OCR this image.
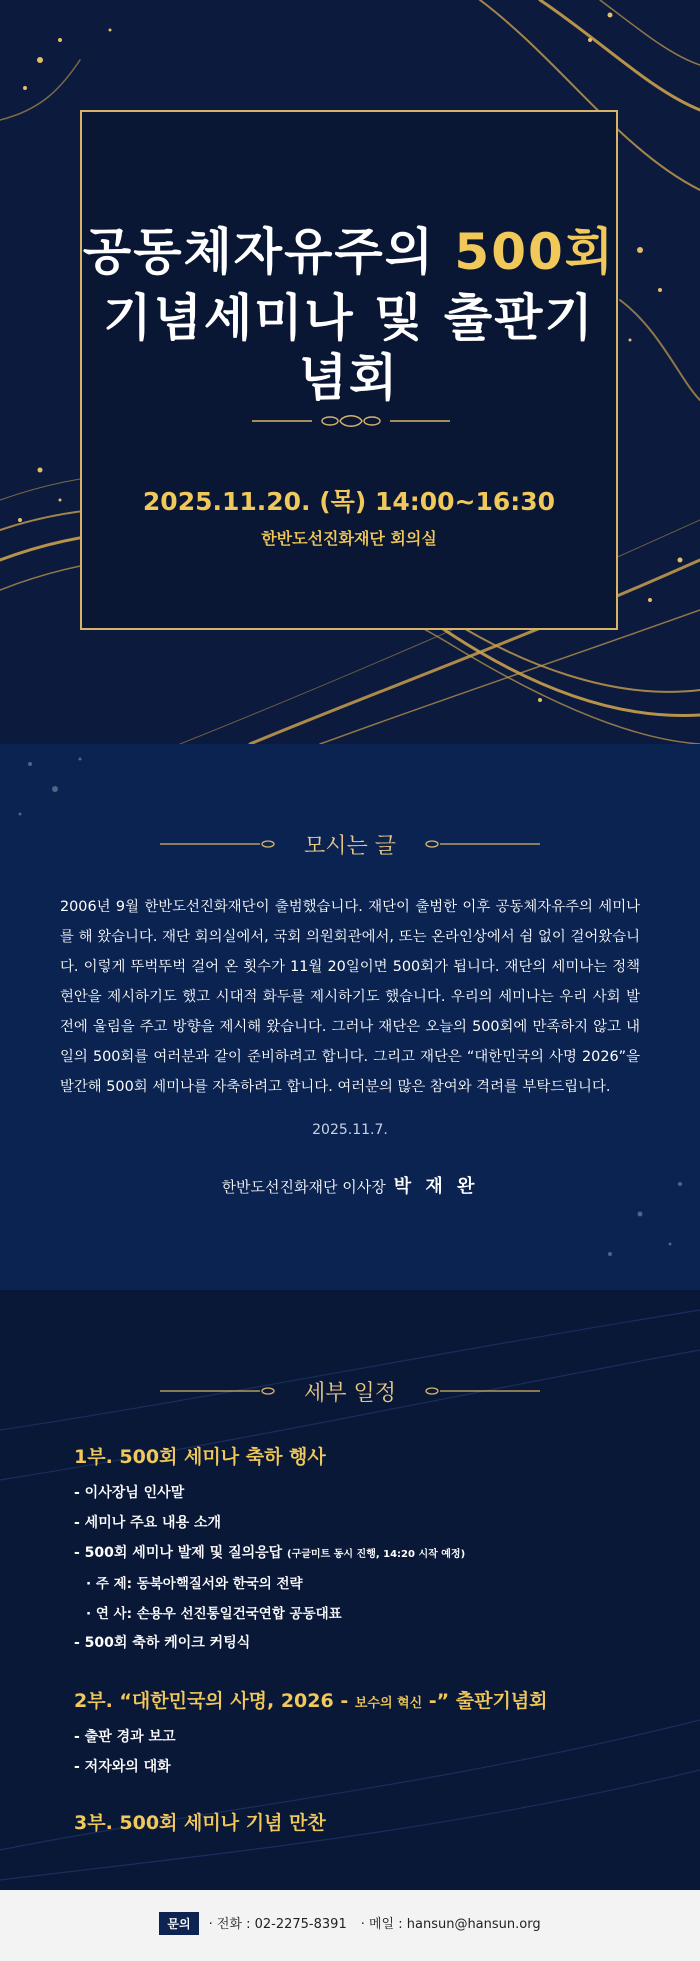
공동체자유주의 500회
기념세미나 및 출판기념회
2025.11.20. (목) 14:00~16:30
한반도선진화재단 회의실
모시는 글

2006년 9월 한반도선진화재단이 출범했습니다. 재단이 출범한 이후 공동체자유주의 세미나를 해 왔습니다. 재단 회의실에서, 국회 의원회관에서, 또는 온라인상에서 쉼 없이 걸어왔습니다. 이렇게 뚜벅뚜벅 걸어 온 횟수가 11월 20일이면 500회가 됩니다. 재단의 세미나는 정책현안을 제시하기도 했고 시대적 화두를 제시하기도 했습니다. 우리의 세미나는 우리 사회 발전에 울림을 주고 방향을 제시해 왔습니다. 그러나 재단은 오늘의 500회에 만족하지 않고 내일의 500회를 여러분과 같이 준비하려고 합니다. 그리고 재단은 “대한민국의 사명 2026”을 발간해 500회 세미나를 자축하려고 합니다. 여러분의 많은 참여와 격려를 부탁드립니다.

2025.11.7.
한반도선진화재단 이사장 박 재 완
세부 일정
1부. 500회 세미나 축하 행사
- 이사장님 인사말
- 세미나 주요 내용 소개
- 500회 세미나 발제 및 질의응답 (구글미트 동시 진행, 14:20 시작 예정)
· 주 제: 동북아핵질서와 한국의 전략
· 연 사: 손용우 선진통일건국연합 공동대표
- 500회 축하 케이크 커팅식
2부. “대한민국의 사명, 2026 - 보수의 혁신 -” 출판기념회
- 출판 경과 보고
- 저자와의 대화
3부. 500회 세미나 기념 만찬
문의 · 전화 : 02-2275-8391 · 메일 : hansun@hansun.org
